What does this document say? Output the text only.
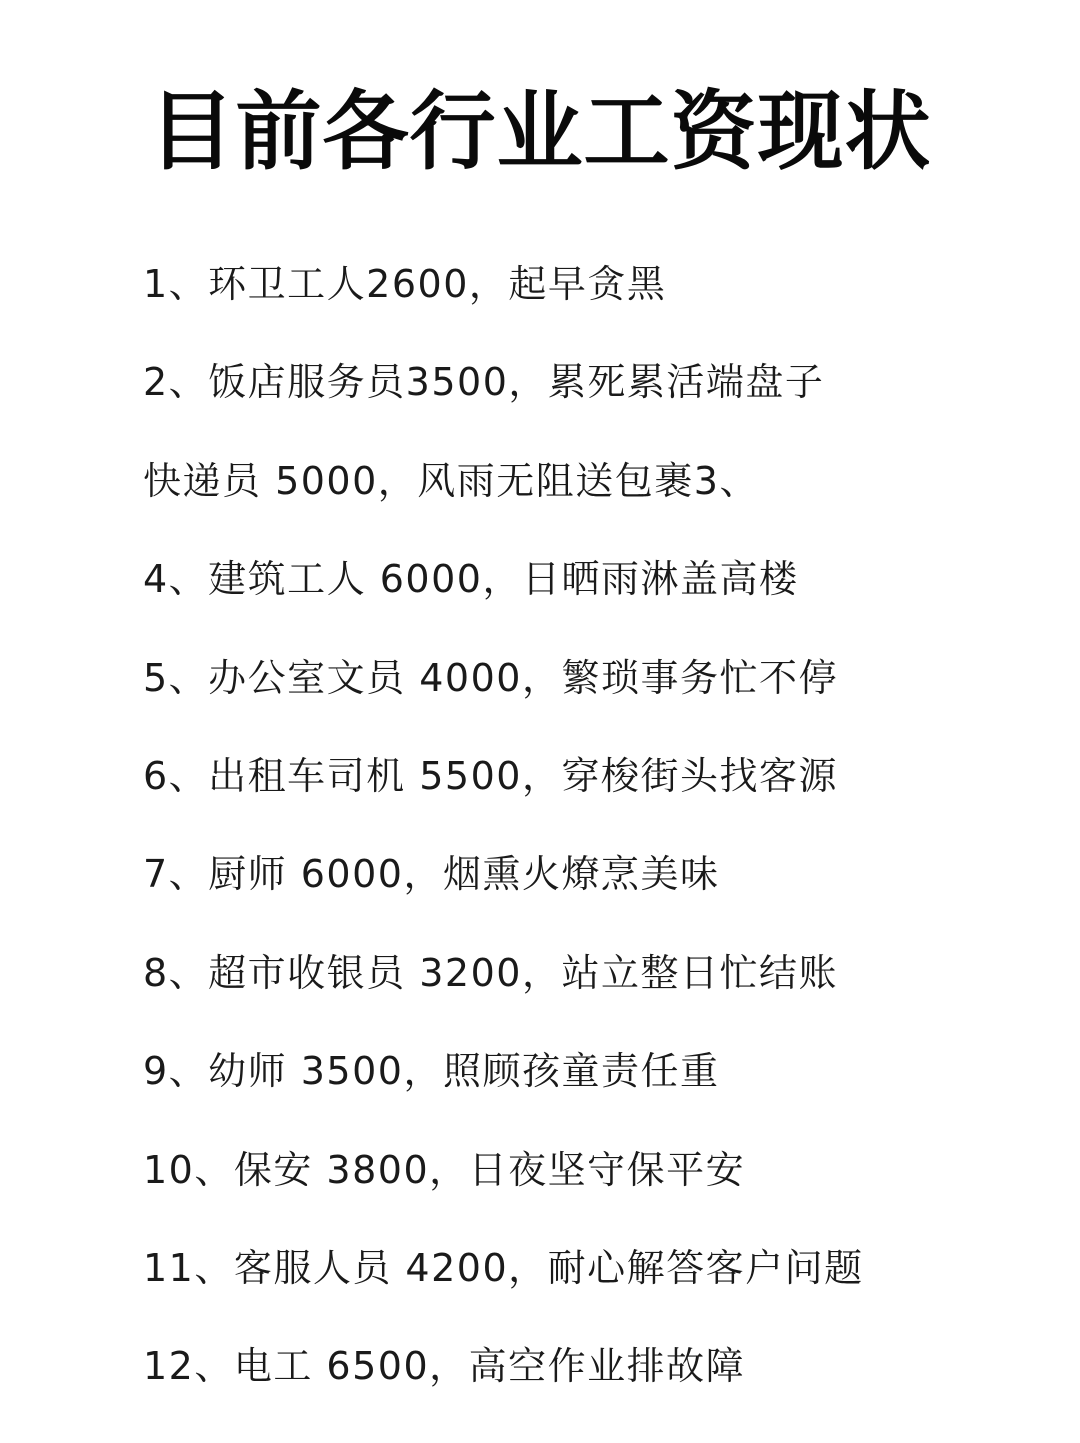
目前各行业工资现状
1、环卫工人2600，起早贪黑
2、饭店服务员3500，累死累活端盘子
快递员 5000，风雨无阻送包裹3、
4、建筑工人 6000，日晒雨淋盖高楼
5、办公室文员 4000，繁琐事务忙不停
6、出租车司机 5500，穿梭街头找客源
7、厨师 6000，烟熏火燎烹美味
8、超市收银员 3200，站立整日忙结账
9、幼师 3500，照顾孩童责任重
10、保安 3800，日夜坚守保平安
11、客服人员 4200，耐心解答客户问题
12、电工 6500，高空作业排故障
